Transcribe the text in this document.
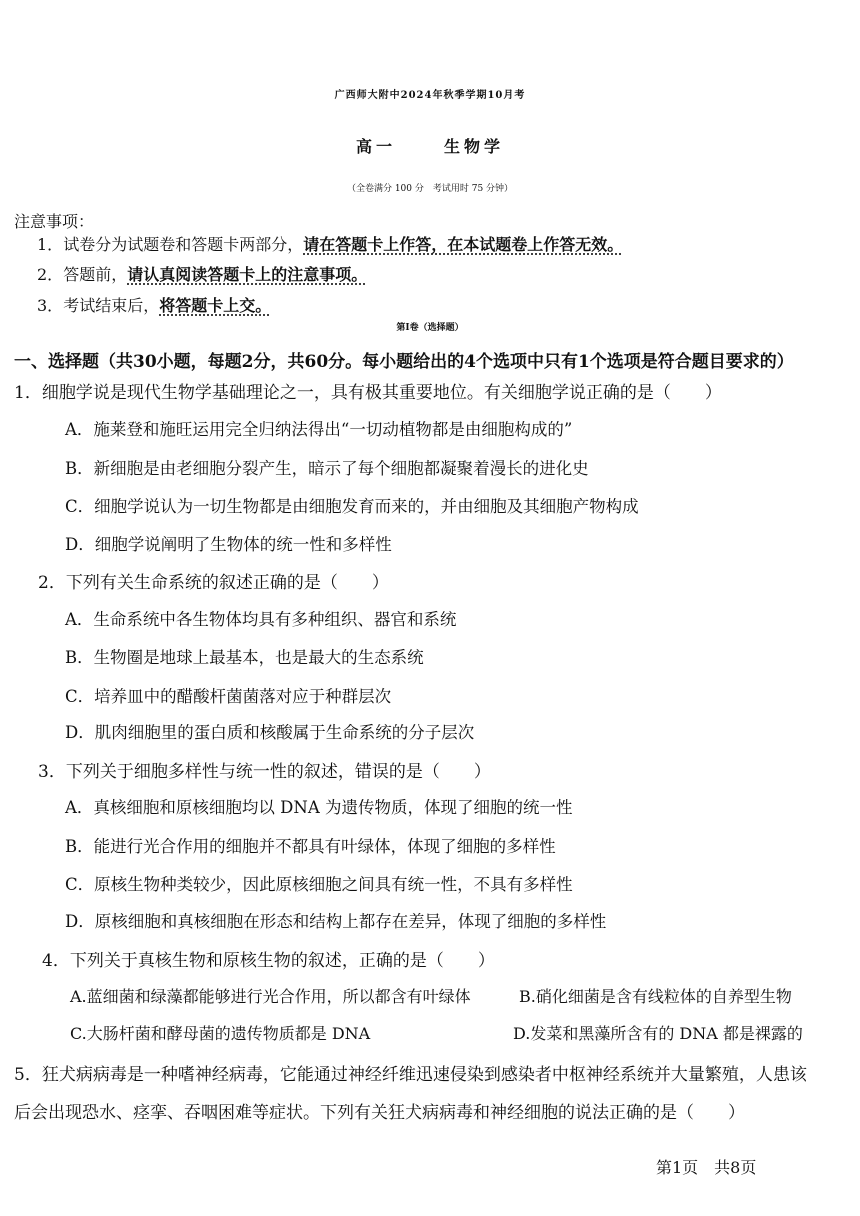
广西师大附中2024年秋季学期10月考
高一	生物学
（全卷满分 100 分　考试用时 75 分钟）
注意事项：
1．试卷分为试题卷和答题卡两部分，请在答题卡上作答，在本试题卷上作答无效。
2．答题前，请认真阅读答题卡上的注意事项。
3．考试结束后，将答题卡上交。
第Ⅰ卷（选择题）
一、选择题（共30小题，每题2分，共60分。每小题给出的4个选项中只有1个选项是符合题目要求的）
1．细胞学说是现代生物学基础理论之一，具有极其重要地位。有关细胞学说正确的是（　　）
A．施莱登和施旺运用完全归纳法得出“一切动植物都是由细胞构成的”
B．新细胞是由老细胞分裂产生，暗示了每个细胞都凝聚着漫长的进化史
C．细胞学说认为一切生物都是由细胞发育而来的，并由细胞及其细胞产物构成
D．细胞学说阐明了生物体的统一性和多样性
2．下列有关生命系统的叙述正确的是（　　）
A．生命系统中各生物体均具有多种组织、器官和系统
B．生物圈是地球上最基本，也是最大的生态系统
C．培养皿中的醋酸杆菌菌落对应于种群层次
D．肌肉细胞里的蛋白质和核酸属于生命系统的分子层次
3．下列关于细胞多样性与统一性的叙述，错误的是（　　）
A．真核细胞和原核细胞均以 DNA 为遗传物质，体现了细胞的统一性
B．能进行光合作用的细胞并不都具有叶绿体，体现了细胞的多样性
C．原核生物种类较少，因此原核细胞之间具有统一性，不具有多样性
D．原核细胞和真核细胞在形态和结构上都存在差异，体现了细胞的多样性
4．下列关于真核生物和原核生物的叙述，正确的是（　　）
A.蓝细菌和绿藻都能够进行光合作用，所以都含有叶绿体	B.硝化细菌是含有线粒体的自养型生物
C.大肠杆菌和酵母菌的遗传物质都是 DNA	D.发菜和黑藻所含有的 DNA 都是裸露的
5．狂犬病病毒是一种嗜神经病毒，它能通过神经纤维迅速侵染到感染者中枢神经系统并大量繁殖，人患该
后会出现恐水、痉挛、吞咽困难等症状。下列有关狂犬病病毒和神经细胞的说法正确的是（　　）
第1页　共8页
